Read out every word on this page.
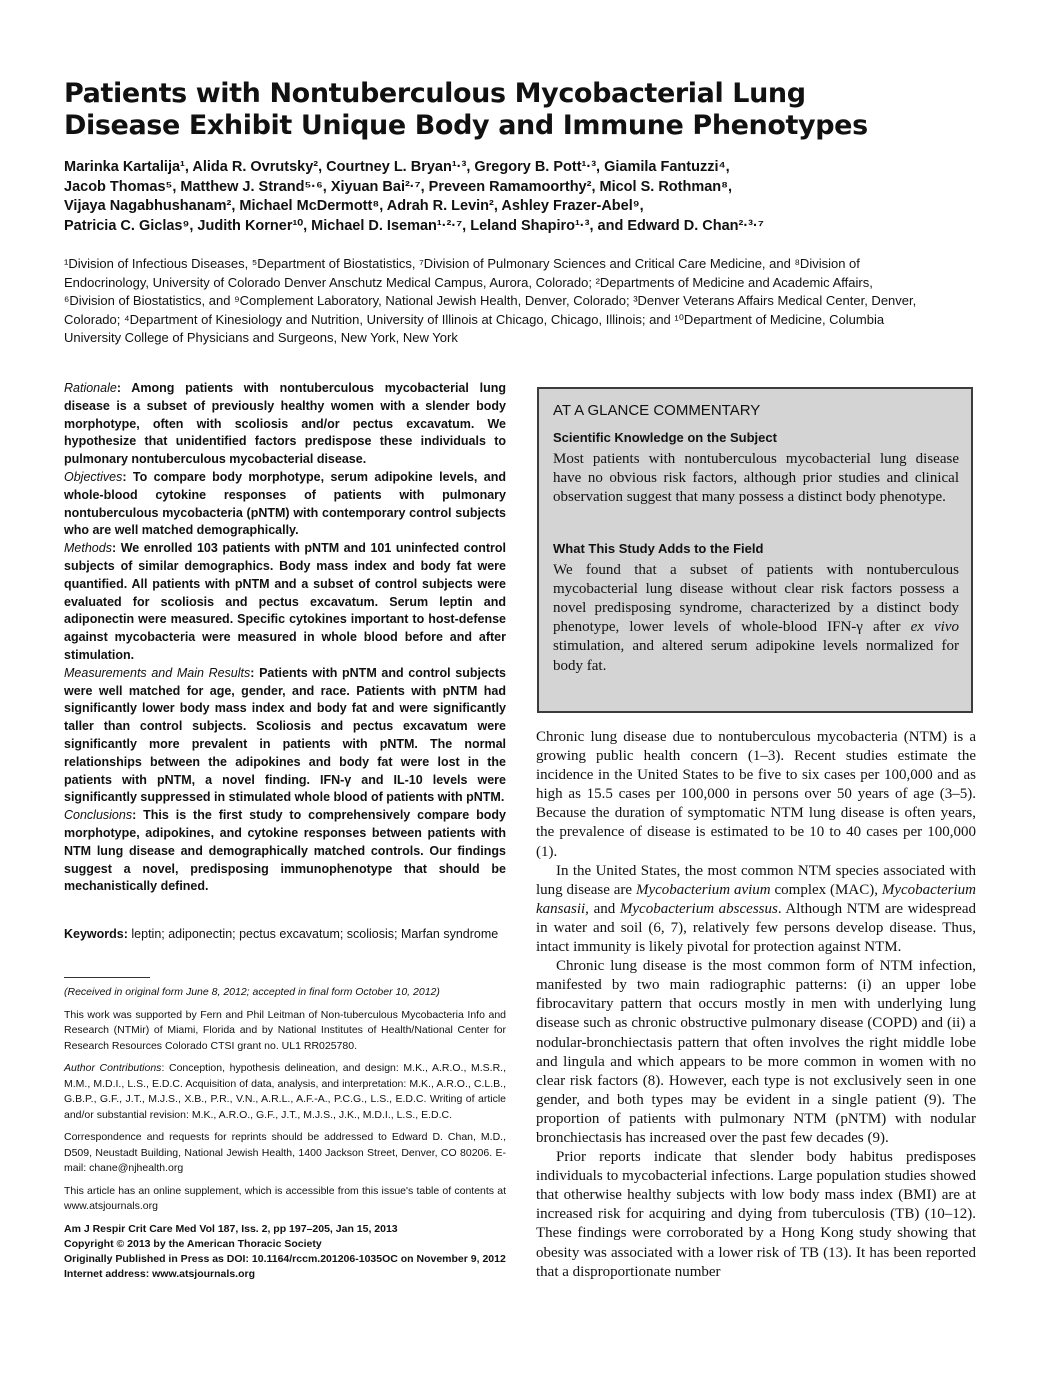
Patients with Nontuberculous Mycobacterial Lung
Disease Exhibit Unique Body and Immune Phenotypes
Marinka Kartalija¹, Alida R. Ovrutsky², Courtney L. Bryan¹·³, Gregory B. Pott¹·³, Giamila Fantuzzi⁴,
Jacob Thomas⁵, Matthew J. Strand⁵·⁶, Xiyuan Bai²·⁷, Preveen Ramamoorthy², Micol S. Rothman⁸,
Vijaya Nagabhushanam², Michael McDermott⁸, Adrah R. Levin², Ashley Frazer-Abel⁹,
Patricia C. Giclas⁹, Judith Korner¹⁰, Michael D. Iseman¹·²·⁷, Leland Shapiro¹·³, and Edward D. Chan²·³·⁷
¹Division of Infectious Diseases, ⁵Department of Biostatistics, ⁷Division of Pulmonary Sciences and Critical Care Medicine, and ⁸Division of
Endocrinology, University of Colorado Denver Anschutz Medical Campus, Aurora, Colorado; ²Departments of Medicine and Academic Affairs,
⁶Division of Biostatistics, and ⁹Complement Laboratory, National Jewish Health, Denver, Colorado; ³Denver Veterans Affairs Medical Center, Denver,
Colorado; ⁴Department of Kinesiology and Nutrition, University of Illinois at Chicago, Chicago, Illinois; and ¹⁰Department of Medicine, Columbia
University College of Physicians and Surgeons, New York, New York

Rationale: Among patients with nontuberculous mycobacterial lung disease is a subset of previously healthy women with a slender body morphotype, often with scoliosis and/or pectus excavatum. We hypothesize that unidentified factors predispose these individuals to pulmonary nontuberculous mycobacterial disease.

Objectives: To compare body morphotype, serum adipokine levels, and whole-blood cytokine responses of patients with pulmonary nontuberculous mycobacteria (pNTM) with contemporary control subjects who are well matched demographically.

Methods: We enrolled 103 patients with pNTM and 101 uninfected control subjects of similar demographics. Body mass index and body fat were quantified. All patients with pNTM and a subset of control subjects were evaluated for scoliosis and pectus excavatum. Serum leptin and adiponectin were measured. Specific cytokines important to host-defense against mycobacteria were measured in whole blood before and after stimulation.

Measurements and Main Results: Patients with pNTM and control subjects were well matched for age, gender, and race. Patients with pNTM had significantly lower body mass index and body fat and were significantly taller than control subjects. Scoliosis and pectus excavatum were significantly more prevalent in patients with pNTM. The normal relationships between the adipokines and body fat were lost in the patients with pNTM, a novel finding. IFN-γ and IL-10 levels were significantly suppressed in stimulated whole blood of patients with pNTM.

Conclusions: This is the first study to comprehensively compare body morphotype, adipokines, and cytokine responses between patients with NTM lung disease and demographically matched controls. Our findings suggest a novel, predisposing immunophenotype that should be mechanistically defined.

Keywords: leptin; adiponectin; pectus excavatum; scoliosis; Marfan syndrome

(Received in original form June 8, 2012; accepted in final form October 10, 2012)

This work was supported by Fern and Phil Leitman of Non-tuberculous Mycobacteria Info and Research (NTMir) of Miami, Florida and by National Institutes of Health/National Center for Research Resources Colorado CTSI grant no. UL1 RR025780.

Author Contributions: Conception, hypothesis delineation, and design: M.K., A.R.O., M.S.R., M.M., M.D.I., L.S., E.D.C. Acquisition of data, analysis, and interpretation: M.K., A.R.O., C.L.B., G.B.P., G.F., J.T., M.J.S., X.B., P.R., V.N., A.R.L., A.F.-A., P.C.G., L.S., E.D.C. Writing of article and/or substantial revision: M.K., A.R.O., G.F., J.T., M.J.S., J.K., M.D.I., L.S., E.D.C.

Correspondence and requests for reprints should be addressed to Edward D. Chan, M.D., D509, Neustadt Building, National Jewish Health, 1400 Jackson Street, Denver, CO 80206. E-mail: chane@njhealth.org

This article has an online supplement, which is accessible from this issue's table of contents at www.atsjournals.org

Am J Respir Crit Care Med Vol 187, Iss. 2, pp 197–205, Jan 15, 2013
Copyright © 2013 by the American Thoracic Society
Originally Published in Press as DOI: 10.1164/rccm.201206-1035OC on November 9, 2012
Internet address: www.atsjournals.org
AT A GLANCE COMMENTARY
Scientific Knowledge on the Subject
Most patients with nontuberculous mycobacterial lung disease have no obvious risk factors, although prior studies and clinical observation suggest that many possess a distinct body phenotype.
What This Study Adds to the Field
We found that a subset of patients with nontuberculous mycobacterial lung disease without clear risk factors possess a novel predisposing syndrome, characterized by a distinct body phenotype, lower levels of whole-blood IFN-γ after ex vivo stimulation, and altered serum adipokine levels normalized for body fat.

Chronic lung disease due to nontuberculous mycobacteria (NTM) is a growing public health concern (1–3). Recent studies estimate the incidence in the United States to be five to six cases per 100,000 and as high as 15.5 cases per 100,000 in persons over 50 years of age (3–5). Because the duration of symptomatic NTM lung disease is often years, the prevalence of disease is estimated to be 10 to 40 cases per 100,000 (1).

In the United States, the most common NTM species associated with lung disease are Mycobacterium avium complex (MAC), Mycobacterium kansasii, and Mycobacterium abscessus. Although NTM are widespread in water and soil (6, 7), relatively few persons develop disease. Thus, intact immunity is likely pivotal for protection against NTM.

Chronic lung disease is the most common form of NTM infection, manifested by two main radiographic patterns: (i) an upper lobe fibrocavitary pattern that occurs mostly in men with underlying lung disease such as chronic obstructive pulmonary disease (COPD) and (ii) a nodular-bronchiectasis pattern that often involves the right middle lobe and lingula and which appears to be more common in women with no clear risk factors (8). However, each type is not exclusively seen in one gender, and both types may be evident in a single patient (9). The proportion of patients with pulmonary NTM (pNTM) with nodular bronchiectasis has increased over the past few decades (9).

Prior reports indicate that slender body habitus predisposes individuals to mycobacterial infections. Large population studies showed that otherwise healthy subjects with low body mass index (BMI) are at increased risk for acquiring and dying from tuberculosis (TB) (10–12). These findings were corroborated by a Hong Kong study showing that obesity was associated with a lower risk of TB (13). It has been reported that a disproportionate number
